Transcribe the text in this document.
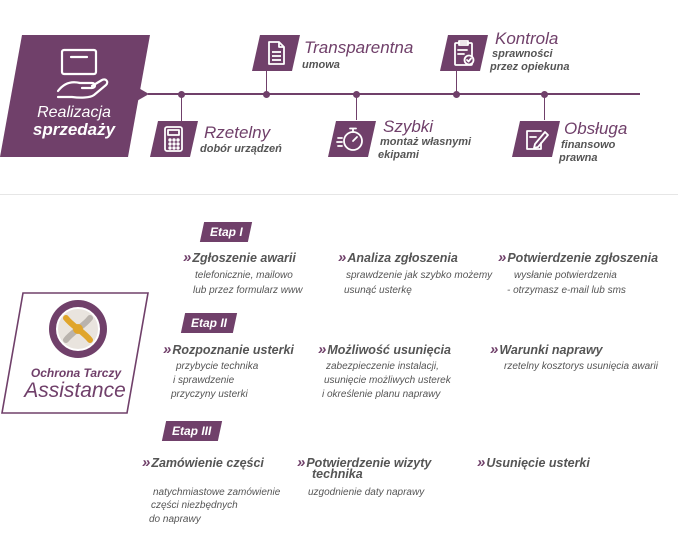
Realizacja
sprzedaży
Transparentna
umowa
Kontrola
sprawności
przez opiekuna
Rzetelny
dobór urządzeń
Szybki
montaż własnymi
ekipami
Obsługa
finansowo
prawna
Ochrona Tarczy
Assistance
Etap I
» Zgłoszenie awarii
telefonicznie, mailowo
lub przez formularz www
» Analiza zgłoszenia
sprawdzenie jak szybko możemy
usunąć usterkę
» Potwierdzenie zgłoszenia
wysłanie potwierdzenia
- otrzymasz e-mail lub sms
Etap II
» Rozpoznanie usterki
przybycie technika
i sprawdzenie
przyczyny usterki
» Możliwość usunięcia
zabezpieczenie instalacji,
usunięcie możliwych usterek
i określenie planu naprawy
» Warunki naprawy
rzetelny kosztorys usunięcia awarii
Etap III
» Zamówienie części
natychmiastowe zamówienie
części niezbędnych
do naprawy
» Potwierdzenie wizyty
technika
uzgodnienie daty naprawy
» Usunięcie usterki
